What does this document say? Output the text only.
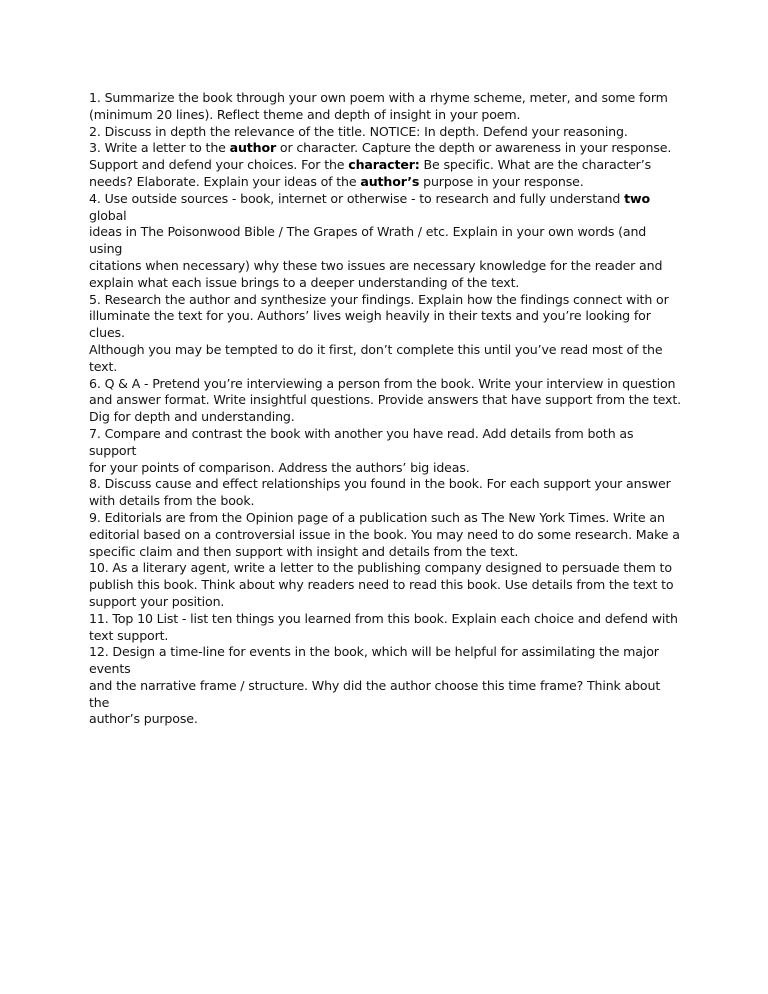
1. Summarize the book through your own poem with a rhyme scheme, meter, and some form
(minimum 20 lines). Reflect theme and depth of insight in your poem.
2. Discuss in depth the relevance of the title. NOTICE: In depth. Defend your reasoning.
3. Write a letter to the author or character. Capture the depth or awareness in your response.
Support and defend your choices. For the character: Be specific. What are the character’s
needs? Elaborate. Explain your ideas of the author’s purpose in your response.
4. Use outside sources - book, internet or otherwise - to research and fully understand two
global
ideas in The Poisonwood Bible / The Grapes of Wrath / etc. Explain in your own words (and
using
citations when necessary) why these two issues are necessary knowledge for the reader and
explain what each issue brings to a deeper understanding of the text.
5. Research the author and synthesize your findings. Explain how the findings connect with or
illuminate the text for you. Authors’ lives weigh heavily in their texts and you’re looking for
clues.
Although you may be tempted to do it first, don’t complete this until you’ve read most of the
text.
6. Q & A - Pretend you’re interviewing a person from the book. Write your interview in question
and answer format. Write insightful questions. Provide answers that have support from the text.
Dig for depth and understanding.
7. Compare and contrast the book with another you have read. Add details from both as
support
for your points of comparison. Address the authors’ big ideas.
8. Discuss cause and effect relationships you found in the book. For each support your answer
with details from the book.
9. Editorials are from the Opinion page of a publication such as The New York Times. Write an
editorial based on a controversial issue in the book. You may need to do some research. Make a
specific claim and then support with insight and details from the text.
10. As a literary agent, write a letter to the publishing company designed to persuade them to
publish this book. Think about why readers need to read this book. Use details from the text to
support your position.
11. Top 10 List - list ten things you learned from this book. Explain each choice and defend with
text support.
12. Design a time-line for events in the book, which will be helpful for assimilating the major
events
and the narrative frame / structure. Why did the author choose this time frame? Think about
the
author’s purpose.
